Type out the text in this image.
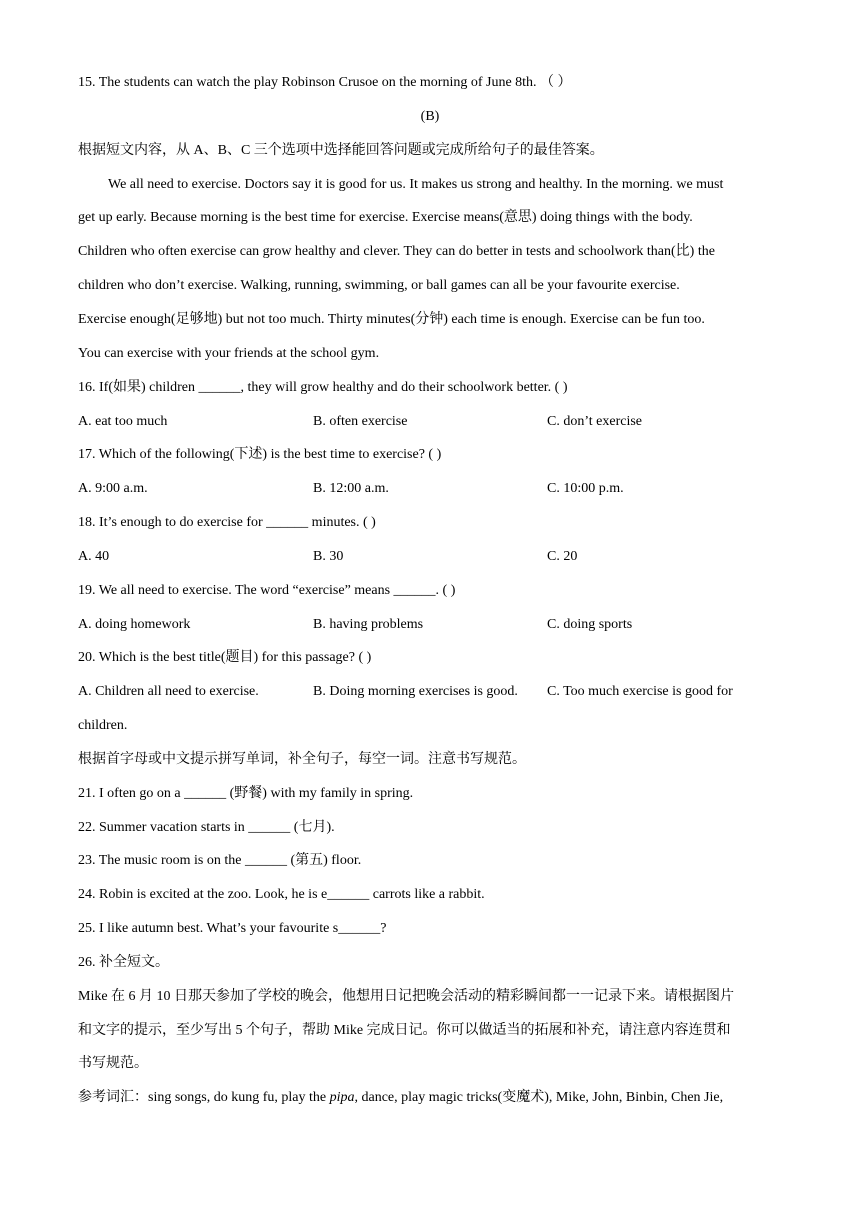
15. The students can watch the play Robinson Crusoe on the morning of June 8th. （ ）
(B)
根据短文内容，从 A、B、C 三个选项中选择能回答问题或完成所给句子的最佳答案。
We all need to exercise. Doctors say it is good for us. It makes us strong and healthy. In the morning. we must
get up early. Because morning is the best time for exercise. Exercise means(意思) doing things with the body.
Children who often exercise can grow healthy and clever. They can do better in tests and schoolwork than(比) the
children who don’t exercise. Walking, running, swimming, or ball games can all be your favourite exercise.
Exercise enough(足够地) but not too much. Thirty minutes(分钟) each time is enough. Exercise can be fun too.
You can exercise with your friends at the school gym.
16. If(如果) children ______, they will grow healthy and do their schoolwork better. ( )
A. eat too much	B. often exercise	C. don’t exercise
17. Which of the following(下述) is the best time to exercise? ( )
A. 9:00 a.m.	B. 12:00 a.m.	C. 10:00 p.m.
18. It’s enough to do exercise for ______ minutes. ( )
A. 40	B. 30	C. 20
19. We all need to exercise. The word “exercise” means ______. ( )
A. doing homework	B. having problems	C. doing sports
20. Which is the best title(题目) for this passage? ( )
A. Children all need to exercise.	B. Doing morning exercises is good. C. Too much exercise is good for
children.
根据首字母或中文提示拼写单词，补全句子，每空一词。注意书写规范。
21. I often go on a ______ (野餐) with my family in spring.
22. Summer vacation starts in ______ (七月).
23. The music room is on the ______ (第五) floor.
24. Robin is excited at the zoo. Look, he is e______ carrots like a rabbit.
25. I like autumn best. What’s your favourite s______?
26. 补全短文。
Mike 在 6 月 10 日那天参加了学校的晚会，他想用日记把晚会活动的精彩瞬间都一一记录下来。请根据图片
和文字的提示，至少写出 5 个句子，帮助 Mike 完成日记。你可以做适当的拓展和补充，请注意内容连贯和
书写规范。
参考词汇：sing songs, do kung fu, play the pipa, dance, play magic tricks(变魔术), Mike, John, Binbin, Chen Jie,
